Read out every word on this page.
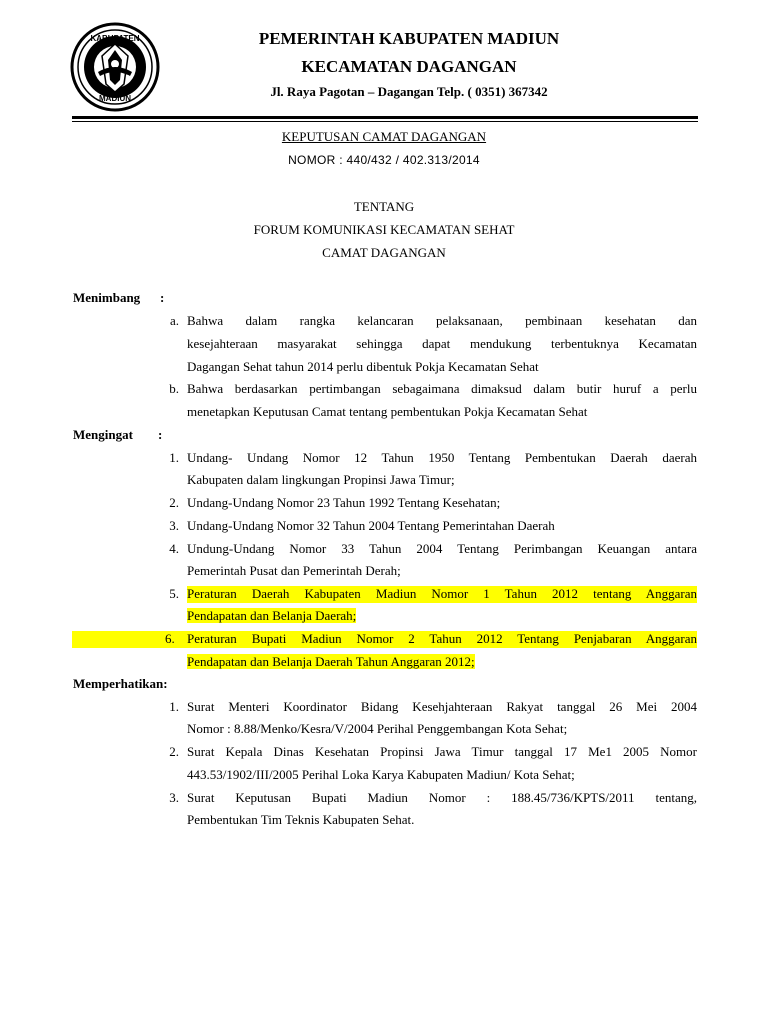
KABUPATEN
MADIUN
PEMERINTAH KABUPATEN MADIUN
KECAMATAN DAGANGAN
Jl. Raya Pagotan – Dagangan Telp. ( 0351) 367342
KEPUTUSAN CAMAT DAGANGAN
NOMOR : 440/432 / 402.313/2014
TENTANG
FORUM KOMUNIKASI KECAMATAN SEHAT
CAMAT DAGANGAN
Menimbang :
a. Bahwa dalam rangka kelancaran pelaksanaan, pembinaan kesehatan dan
kesejahteraan masyarakat sehingga dapat mendukung terbentuknya Kecamatan
Dagangan Sehat tahun 2014 perlu dibentuk Pokja Kecamatan Sehat
b. Bahwa berdasarkan pertimbangan sebagaimana dimaksud dalam butir huruf a perlu
menetapkan Keputusan Camat tentang pembentukan Pokja Kecamatan Sehat
Mengingat :
1. Undang- Undang Nomor 12 Tahun 1950 Tentang Pembentukan Daerah daerah
Kabupaten dalam lingkungan Propinsi Jawa Timur;
2. Undang-Undang Nomor 23 Tahun 1992 Tentang Kesehatan;
3. Undang-Undang Nomor 32 Tahun 2004 Tentang Pemerintahan Daerah
4. Undung-Undang Nomor 33 Tahun 2004 Tentang Perimbangan Keuangan antara
Pemerintah Pusat dan Pemerintah Derah;
5. Peraturan Daerah Kabupaten Madiun Nomor 1 Tahun 2012 tentang Anggaran
Pendapatan dan Belanja Daerah;
6. Peraturan Bupati Madiun Nomor 2 Tahun 2012 Tentang Penjabaran Anggaran
Pendapatan dan Belanja Daerah Tahun Anggaran 2012;
Memperhatikan:
1. Surat Menteri Koordinator Bidang Kesehjahteraan Rakyat tanggal 26 Mei 2004
Nomor : 8.88/Menko/Kesra/V/2004 Perihal Penggembangan Kota Sehat;
2. Surat Kepala Dinas Kesehatan Propinsi Jawa Timur tanggal 17 Me1 2005 Nomor
443.53/1902/III/2005 Perihal Loka Karya Kabupaten Madiun/ Kota Sehat;
3. Surat Keputusan Bupati Madiun Nomor : 188.45/736/KPTS/2011 tentang,
Pembentukan Tim Teknis Kabupaten Sehat.
